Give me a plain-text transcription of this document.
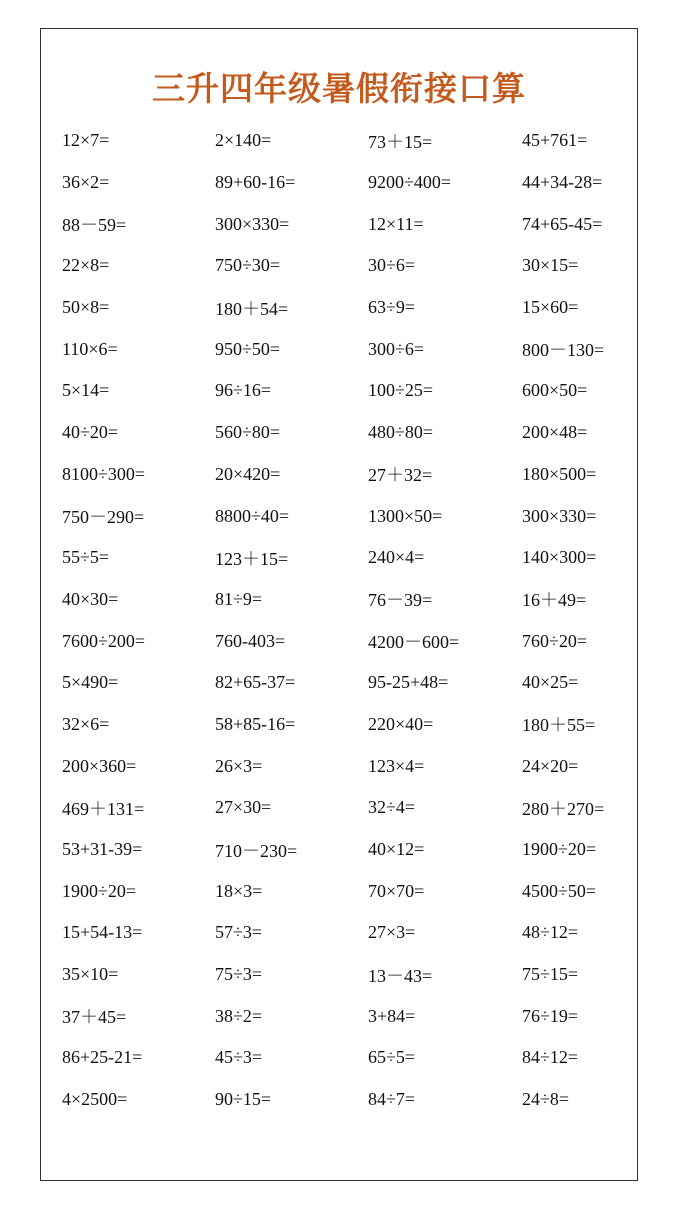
三升四年级暑假衔接口算
12×7=	2×140=	73＋15=	45+761=
36×2=	89+60-16=	9200÷400=	44+34-28=
88－59=	300×330=	12×11=	74+65-45=
22×8=	750÷30=	30÷6=	30×15=
50×8=	180＋54=	63÷9=	15×60=
110×6=	950÷50=	300÷6=	800－130=
5×14=	96÷16=	100÷25=	600×50=
40÷20=	560÷80=	480÷80=	200×48=
8100÷300=	20×420=	27＋32=	180×500=
750－290=	8800÷40=	1300×50=	300×330=
55÷5=	123＋15=	240×4=	140×300=
40×30=	81÷9=	76－39=	16＋49=
7600÷200=	760-403=	4200－600=	760÷20=
5×490=	82+65-37=	95-25+48=	40×25=
32×6=	58+85-16=	220×40=	180＋55=
200×360=	26×3=	123×4=	24×20=
469＋131=	27×30=	32÷4=	280＋270=
53+31-39=	710－230=	40×12=	1900÷20=
1900÷20=	18×3=	70×70=	4500÷50=
15+54-13=	57÷3=	27×3=	48÷12=
35×10=	75÷3=	13－43=	75÷15=
37＋45=	38÷2=	3+84=	76÷19=
86+25-21=	45÷3=	65÷5=	84÷12=
4×2500=	90÷15=	84÷7=	24÷8=
